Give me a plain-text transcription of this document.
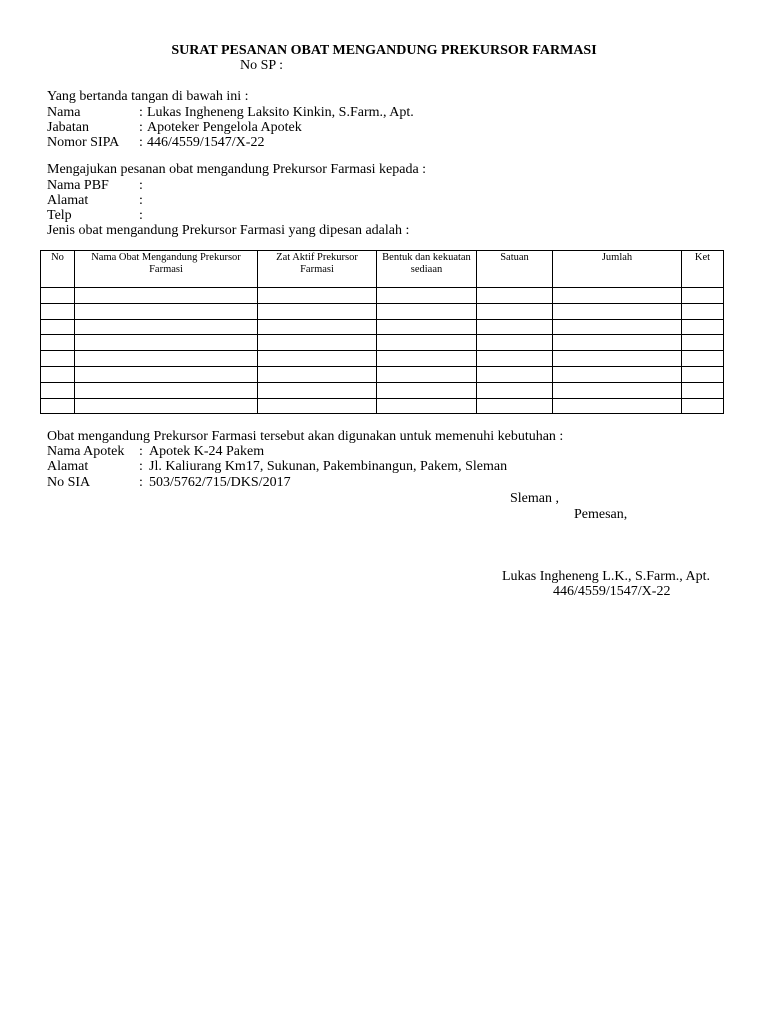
SURAT PESANAN OBAT MENGANDUNG PREKURSOR FARMASI
No SP :
Yang bertanda tangan di bawah ini :
Nama	: Lukas Ingheneng Laksito Kinkin, S.Farm., Apt.
Jabatan	: Apoteker Pengelola Apotek
Nomor SIPA : 446/4559/1547/X-22
Mengajukan pesanan obat mengandung Prekursor Farmasi kepada :
Nama PBF :
Alamat	:
Telp	:
Jenis obat mengandung Prekursor Farmasi yang dipesan adalah :
No	Nama Obat Mengandung Prekursor Farmasi	Zat Aktif Prekursor Farmasi	Bentuk dan kekuatan sediaan	Satuan	Jumlah	Ket

Obat mengandung Prekursor Farmasi tersebut akan digunakan untuk memenuhi kebutuhan :
Nama Apotek : Apotek K-24 Pakem
Alamat	: Jl. Kaliurang Km17, Sukunan, Pakembinangun, Pakem, Sleman
No SIA	: 503/5762/715/DKS/2017
Sleman ,
Pemesan,
Lukas Ingheneng L.K., S.Farm., Apt.
446/4559/1547/X-22
